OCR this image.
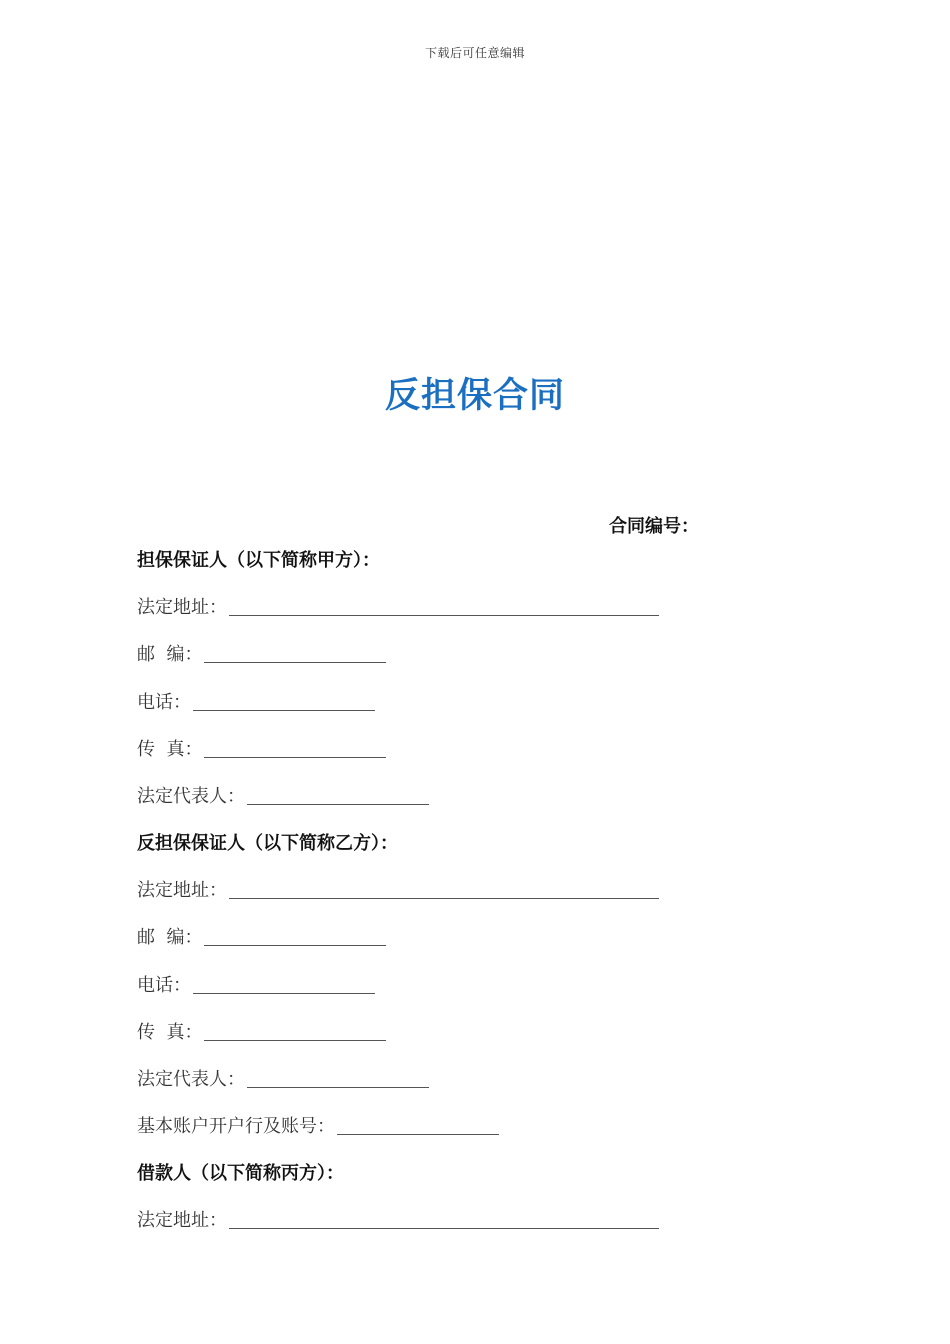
下载后可任意编辑
反担保合同
合同编号：
担保保证人（以下简称甲方）：
法定地址：
邮  编：
电话：
传  真：
法定代表人：
反担保保证人（以下简称乙方）：
法定地址：
邮  编：
电话：
传  真：
法定代表人：
基本账户开户行及账号：
借款人（以下简称丙方）：
法定地址：
